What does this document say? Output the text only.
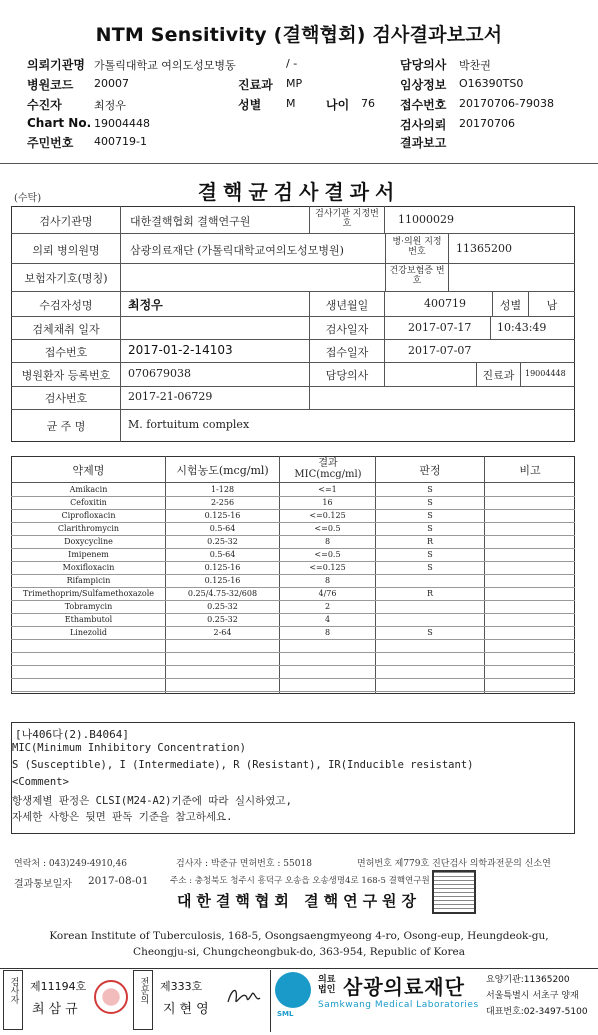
NTM Sensitivity (결핵협회) 검사결과보고서
의뢰기관명 가톨릭대학교 여의도성모병동	/ -	담당의사 박찬권
병원코드 20007	진료과 MP	임상정보 O16390TS0
수진자	최정우	성별 M	나이 76 접수번호 20170706-79038
Chart No. 19004448	검사의뢰 20170706
주민번호 400719-1	결과보고
(수탁)	결핵균검사결과서
검사기관명	대한결핵협회 결핵연구원
검사기관 지정번호	11000029
의뢰 병의원명	삼광의료재단 (가톨릭대학교여의도성모병원)
병·의원 지정번호	11365200
보험자기호(명칭)
건강보험증 번호
수검자성명	최정우	생년월일	400719	성별	남
검체채취 일자	검사일자	2017-07-17 10:43:49
접수번호	2017-01-2-14103	접수일자	2017-07-07
병원환자 등록번호	070679038	담당의사	진료과	19004448
검사번호	2017-21-06729
균 주 명	M. fortuitum complex
약제명	시험농도(mcg/ml)
결과 MIC(mcg/ml)	판정	비고
Amikacin	1-128	<=1	S
Cefoxitin	2-256	16	S
Ciprofloxacin	0.125-16	<=0.125	S
Clarithromycin	0.5-64	<=0.5	S
Doxycycline	0.25-32	8	R
Imipenem	0.5-64	<=0.5	S
Moxifloxacin	0.125-16	<=0.125	S
Rifampicin	0.125-16	8
Trimethoprim/Sulfamethoxazole	0.25/4.75-32/608	4/76	R
Tobramycin	0.25-32	2
Ethambutol	0.25-32	4
Linezolid	2-64	8	S
[나406다(2).B4064]
MIC(Minimum Inhibitory Concentration)
S (Susceptible), I (Intermediate), R (Resistant), IR(Inducible resistant)
<Comment>
항생제별 판정은 CLSI(M24-A2)기준에 따라 실시하였고,
자세한 사항은 뒷면 판독 기준을 참고하세요.
연락처 : 043)249-4910,46	검사자 : 박준규 면허번호 : 55018	면허번호 제779호 진단검사 의학과전문의 신소연
결과통보일자 2017-08-01	주소 : 충청북도 청주시 흥덕구 오송읍 오송생명4로 168-5 결핵연구원
대한결핵협회 결핵연구원장
Korean Institute of Tuberculosis, 168-5, Osongsaengmyeong 4-ro, Osong-eup, Heungdeok-gu,
Cheongju-si, Chungcheongbuk-do, 363-954, Republic of Korea
검사자	제11194호
최삼규
전문의	제333호
지현영	SML
의료법인 삼광의료재단
Samkwang Medical Laboratories
요양기관:11365200
서울특별시 서초구 양재
대표번호:02-3497-5100
